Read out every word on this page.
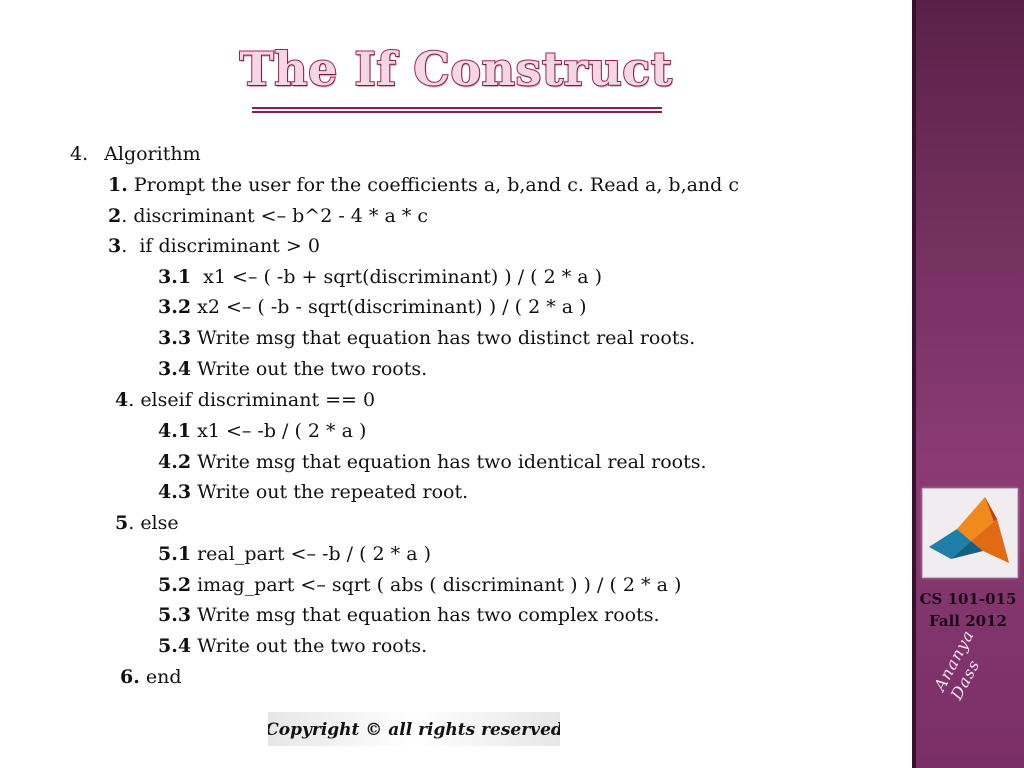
The If Construct
4. Algorithm
1. Prompt the user for the coefficients a, b,and c. Read a, b,and c
2. discriminant <– b^2 - 4 * a * c
3.  if discriminant > 0
3.1  x1 <– ( -b + sqrt(discriminant) ) / ( 2 * a )
3.2 x2 <– ( -b - sqrt(discriminant) ) / ( 2 * a )
3.3 Write msg that equation has two distinct real roots.
3.4 Write out the two roots.
4. elseif discriminant == 0
4.1 x1 <– -b / ( 2 * a )
4.2 Write msg that equation has two identical real roots.
4.3 Write out the repeated root.
5. else
5.1 real_part <– -b / ( 2 * a )
5.2 imag_part <– sqrt ( abs ( discriminant ) ) / ( 2 * a )
5.3 Write msg that equation has two complex roots.
5.4 Write out the two roots.
6. end
Copyright © all rights reserved
CS 101-015
Fall 2012
Ananya Dass
